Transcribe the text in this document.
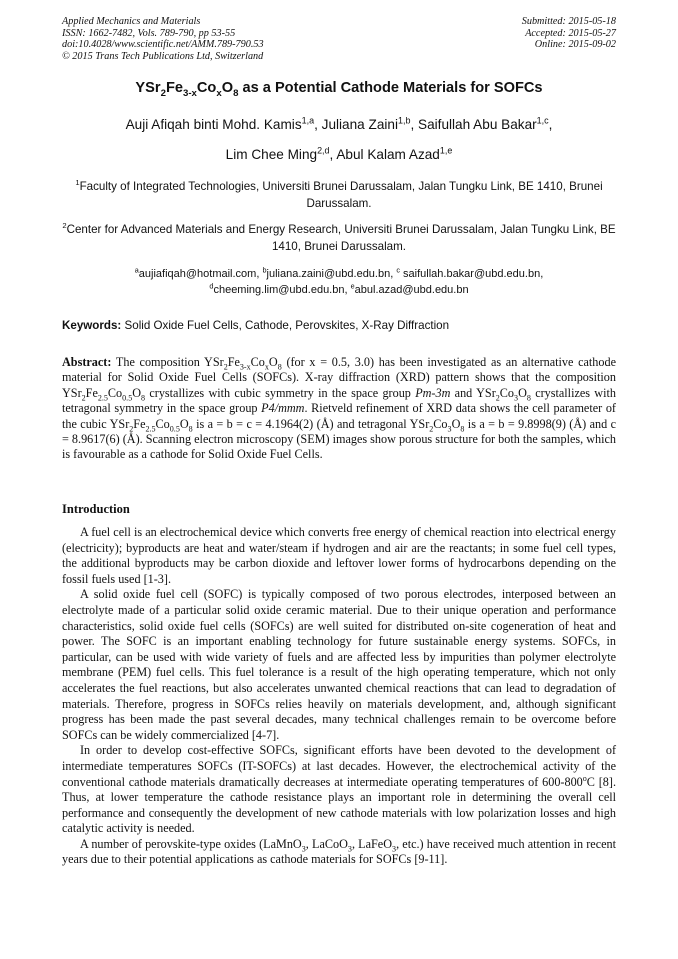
Applied Mechanics and Materials
ISSN: 1662-7482, Vols. 789-790, pp 53-55
doi:10.4028/www.scientific.net/AMM.789-790.53
© 2015 Trans Tech Publications Ltd, Switzerland
Submitted: 2015-05-18
Accepted: 2015-05-27
Online: 2015-09-02
$YSr_2Fe_{3-x}Co_xO_8$ as a Potential Cathode Materials for SOFCs
Auji Afiqah binti Mohd. Kamis$^{1,a}$, Juliana Zaini$^{1,b}$, Saifullah Abu Bakar$^{1,c}$,
Lim Chee Ming$^{2,d}$, Abul Kalam Azad$^{1,e}$
$^1$Faculty of Integrated Technologies, Universiti Brunei Darussalam, Jalan Tungku Link, BE 1410, Brunei Darussalam.
$^2$Center for Advanced Materials and Energy Research, Universiti Brunei Darussalam, Jalan Tungku Link, BE 1410, Brunei Darussalam.
$^a$aujiafiqah@hotmail.com, $^b$juliana.zaini@ubd.edu.bn, $^c$ saifullah.bakar@ubd.edu.bn,
$^d$cheeming.lim@ubd.edu.bn, $^e$abul.azad@ubd.edu.bn
Keywords: Solid Oxide Fuel Cells, Cathode, Perovskites, X-Ray Diffraction

Abstract: The composition $YSr_2Fe_{3-x}Co_xO_8$ (for x = 0.5, 3.0) has been investigated as an alternative cathode material for Solid Oxide Fuel Cells (SOFCs). X-ray diffraction (XRD) pattern shows that the composition $YSr_2Fe_{2.5}Co_{0.5}O_8$ crystallizes with cubic symmetry in the space group Pm-3m and $YSr_2Co_3O_8$ crystallizes with tetragonal symmetry in the space group P4/mmm. Rietveld refinement of XRD data shows the cell parameter of the cubic $YSr_2Fe_{2.5}Co_{0.5}O_8$ is a = b = c = 4.1964(2) (Å) and tetragonal $YSr_2Co_3O_8$ is a = b = 9.8998(9) (Å) and c = 8.9617(6) (Å). Scanning electron microscopy (SEM) images show porous structure for both the samples, which is favourable as a cathode for Solid Oxide Fuel Cells.

Introduction

A fuel cell is an electrochemical device which converts free energy of chemical reaction into electrical energy (electricity); byproducts are heat and water/steam if hydrogen and air are the reactants; in some fuel cell types, the additional byproducts may be carbon dioxide and leftover lower forms of hydrocarbons depending on the fossil fuels used [1-3].

A solid oxide fuel cell (SOFC) is typically composed of two porous electrodes, interposed between an electrolyte made of a particular solid oxide ceramic material. Due to their unique operation and performance characteristics, solid oxide fuel cells (SOFCs) are well suited for distributed on-site cogeneration of heat and power. The SOFC is an important enabling technology for future sustainable energy systems. SOFCs, in particular, can be used with wide variety of fuels and are affected less by impurities than polymer electrolyte membrane (PEM) fuel cells. This fuel tolerance is a result of the high operating temperature, which not only accelerates the fuel reactions, but also accelerates unwanted chemical reactions that can lead to degradation of materials. Therefore, progress in SOFCs relies heavily on materials development, and, although significant progress has been made the past several decades, many technical challenges remain to be overcome before SOFCs can be widely commercialized [4-7].

In order to develop cost-effective SOFCs, significant efforts have been devoted to the development of intermediate temperatures SOFCs (IT-SOFCs) at last decades. However, the electrochemical activity of the conventional cathode materials dramatically decreases at intermediate operating temperatures of 600-800$^o$C [8]. Thus, at lower temperature the cathode resistance plays an important role in determining the overall cell performance and consequently the development of new cathode materials with low polarization losses and high catalytic activity is needed.

A number of perovskite-type oxides (LaMnO$_3$, LaCoO$_3$, LaFeO$_3$, etc.) have received much attention in recent years due to their potential applications as cathode materials for SOFCs [9-11].
